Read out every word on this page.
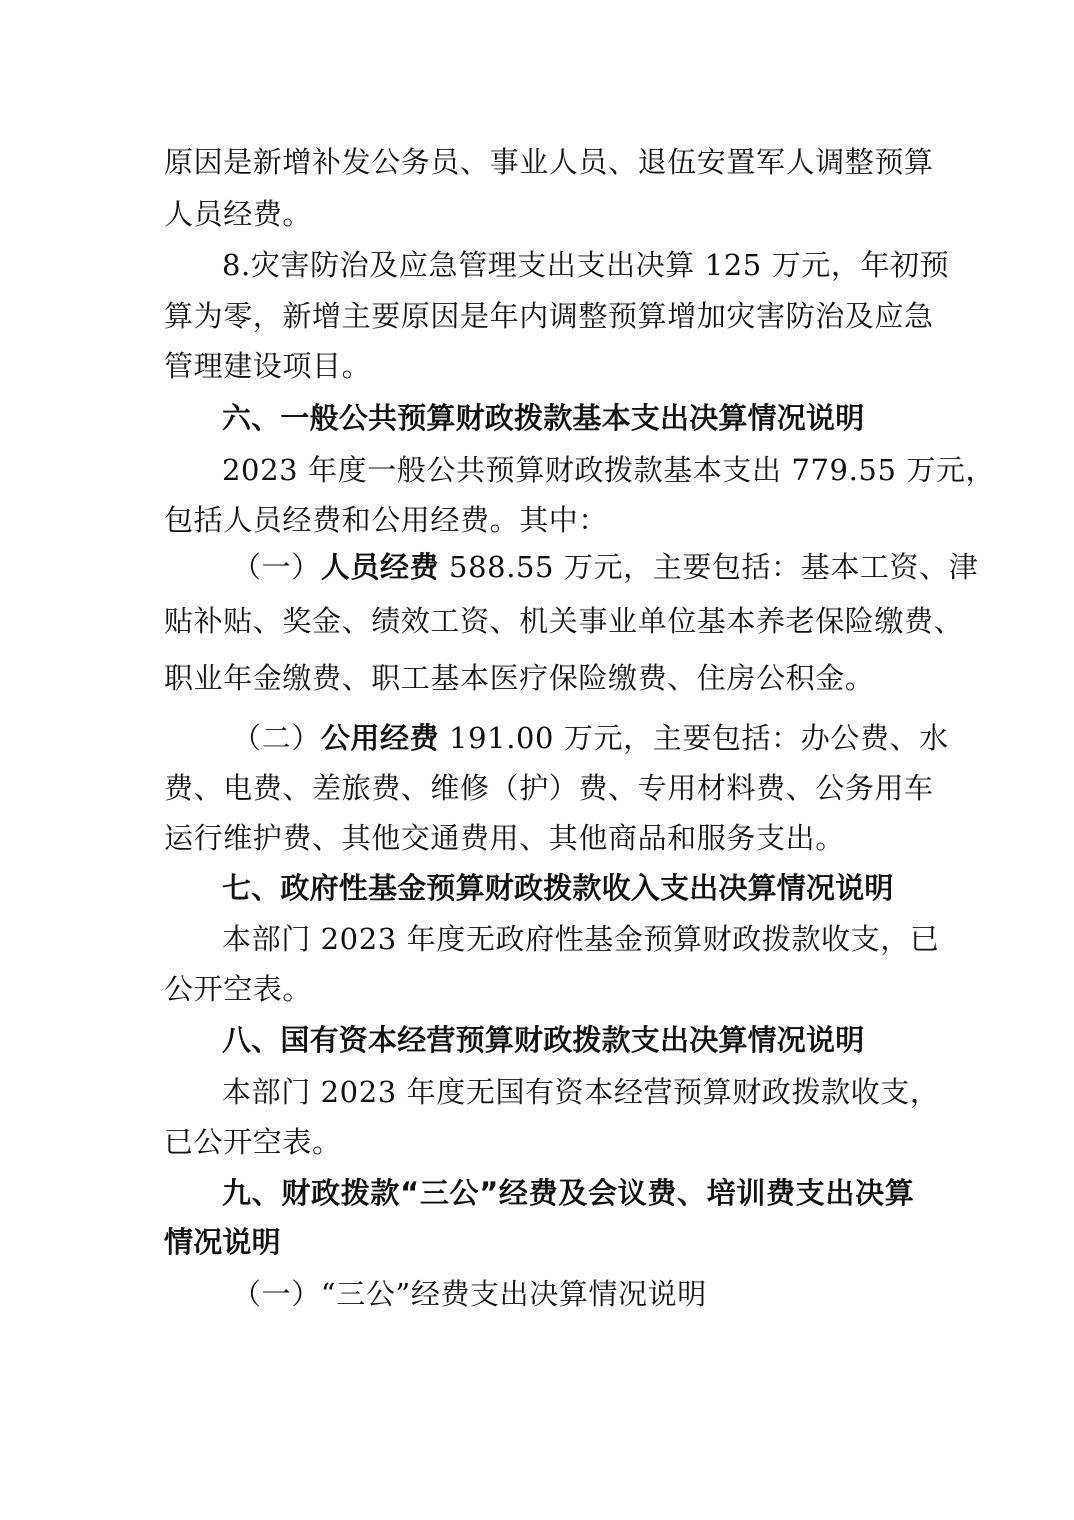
原因是新增补发公务员、事业人员、退伍安置军人调整预算
人员经费。
8.灾害防治及应急管理支出支出决算 125 万元，年初预
算为零，新增主要原因是年内调整预算增加灾害防治及应急
管理建设项目。
六、一般公共预算财政拨款基本支出决算情况说明
2023 年度一般公共预算财政拨款基本支出 779.55 万元，
包括人员经费和公用经费。其中：
（一）人员经费 588.55 万元，主要包括：基本工资、津
贴补贴、奖金、绩效工资、机关事业单位基本养老保险缴费、
职业年金缴费、职工基本医疗保险缴费、住房公积金。
（二）公用经费 191.00 万元，主要包括：办公费、水
费、电费、差旅费、维修（护）费、专用材料费、公务用车
运行维护费、其他交通费用、其他商品和服务支出。
七、政府性基金预算财政拨款收入支出决算情况说明
本部门 2023 年度无政府性基金预算财政拨款收支，已
公开空表。
八、国有资本经营预算财政拨款支出决算情况说明
本部门 2023 年度无国有资本经营预算财政拨款收支，
已公开空表。
九、财政拨款“三公”经费及会议费、培训费支出决算
情况说明
（一）“三公”经费支出决算情况说明
